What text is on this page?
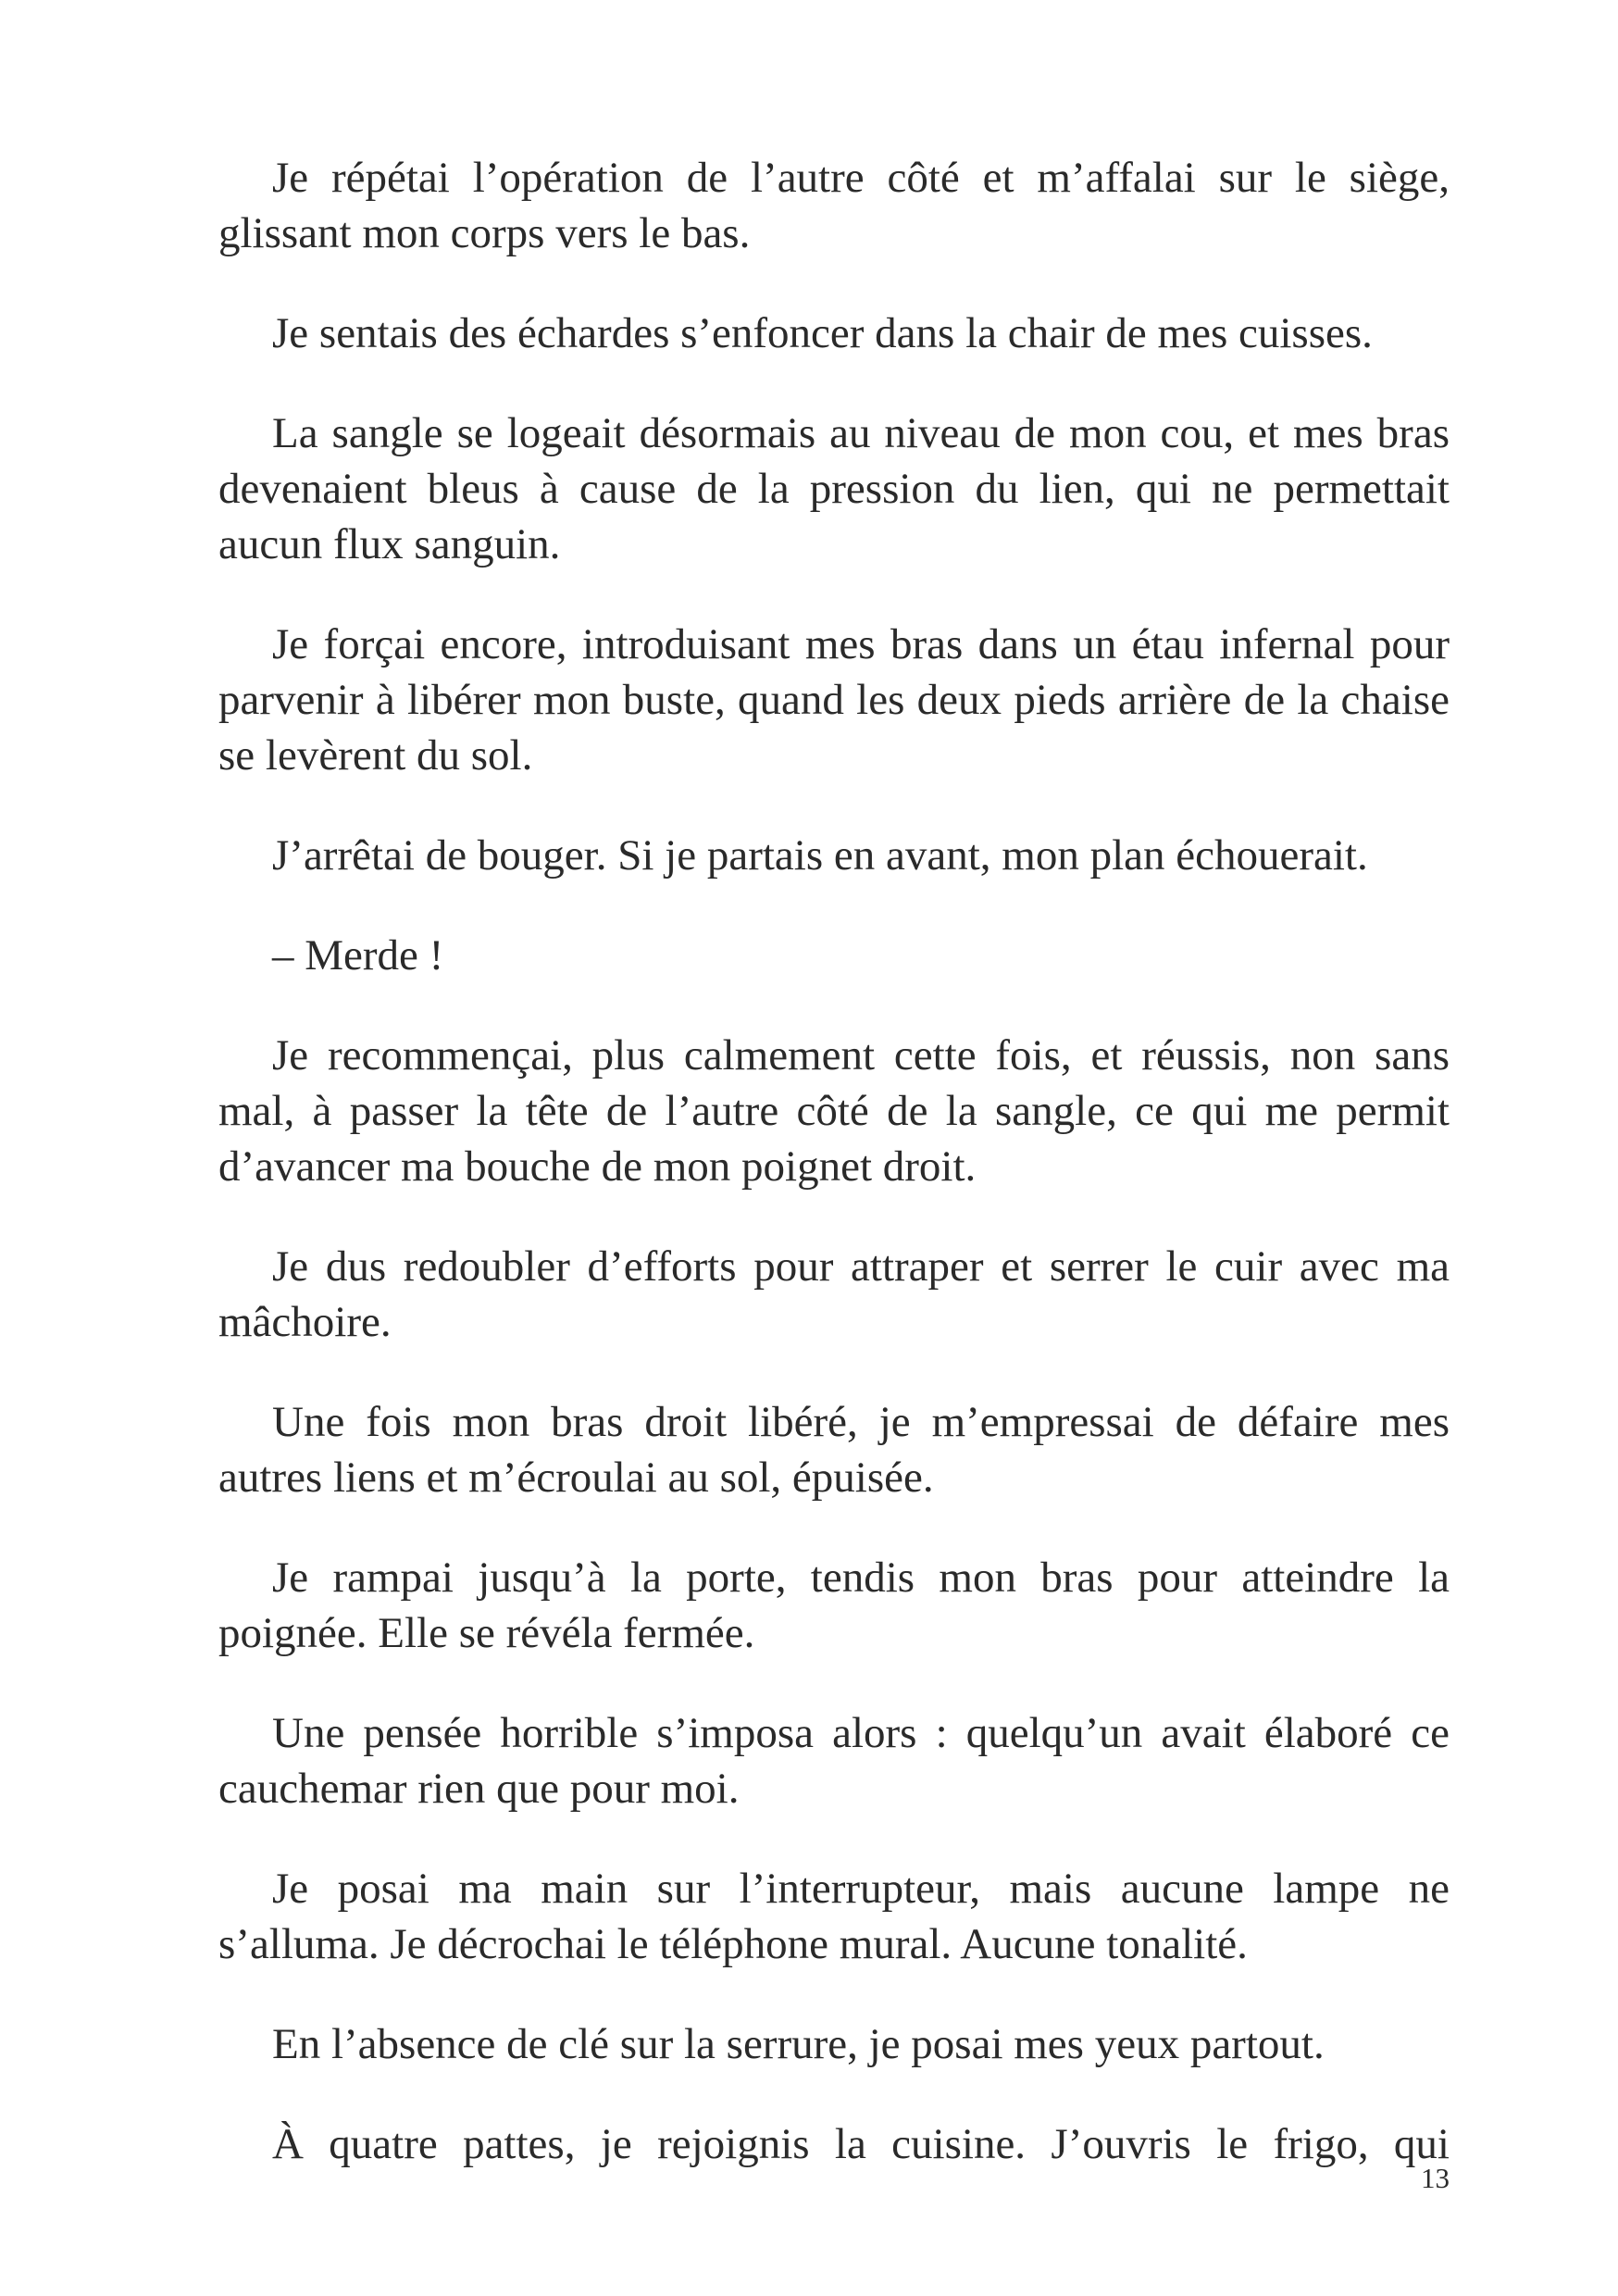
Je répétai l’opération de l’autre côté et m’affalai sur le siège, glissant mon corps vers le bas.

Je sentais des échardes s’enfoncer dans la chair de mes cuisses.

La sangle se logeait désormais au niveau de mon cou, et mes bras devenaient bleus à cause de la pression du lien, qui ne permettait aucun flux sanguin.

Je forçai encore, introduisant mes bras dans un étau infernal pour parvenir à libérer mon buste, quand les deux pieds arrière de la chaise se levèrent du sol.

J’arrêtai de bouger. Si je partais en avant, mon plan échouerait.

– Merde !

Je recommençai, plus calmement cette fois, et réussis, non sans mal, à passer la tête de l’autre côté de la sangle, ce qui me permit d’avancer ma bouche de mon poignet droit.

Je dus redoubler d’efforts pour attraper et serrer le cuir avec ma mâchoire.

Une fois mon bras droit libéré, je m’empressai de défaire mes autres liens et m’écroulai au sol, épuisée.

Je rampai jusqu’à la porte, tendis mon bras pour atteindre la poignée. Elle se révéla fermée.

Une pensée horrible s’imposa alors : quelqu’un avait élaboré ce cauchemar rien que pour moi.

Je posai ma main sur l’interrupteur, mais aucune lampe ne s’alluma. Je décrochai le téléphone mural. Aucune tonalité.

En l’absence de clé sur la serrure, je posai mes yeux partout.

À quatre pattes, je rejoignis la cuisine. J’ouvris le frigo, qui

13
